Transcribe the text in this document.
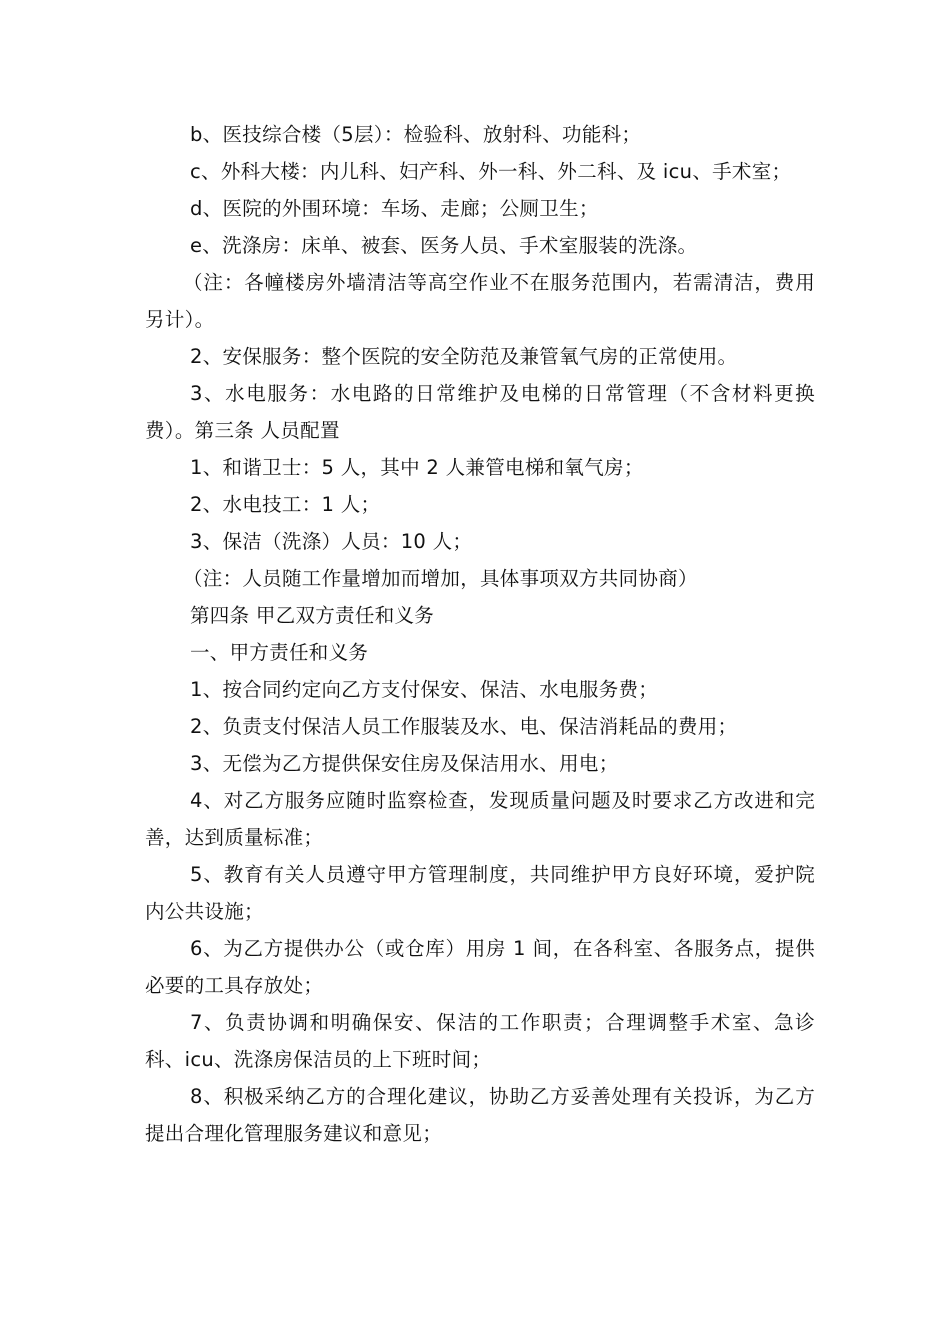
b、医技综合楼（5层）：检验科、放射科、功能科；

c、外科大楼：内儿科、妇产科、外一科、外二科、及 icu、手术室；

d、医院的外围环境：车场、走廊；公厕卫生；

e、洗涤房：床单、被套、医务人员、手术室服装的洗涤。

（注：各幢楼房外墙清洁等高空作业不在服务范围内，若需清洁，费用另计）。

2、安保服务：整个医院的安全防范及兼管氧气房的正常使用。

3、水电服务：水电路的日常维护及电梯的日常管理（不含材料更换费）。第三条 人员配置

1、和谐卫士：5 人，其中 2 人兼管电梯和氧气房；

2、水电技工：1 人；

3、保洁（洗涤）人员：10 人；

（注：人员随工作量增加而增加，具体事项双方共同协商）

第四条 甲乙双方责任和义务

一、甲方责任和义务

1、按合同约定向乙方支付保安、保洁、水电服务费；

2、负责支付保洁人员工作服装及水、电、保洁消耗品的费用；

3、无偿为乙方提供保安住房及保洁用水、用电；

4、对乙方服务应随时监察检查，发现质量问题及时要求乙方改进和完善，达到质量标准；

5、教育有关人员遵守甲方管理制度，共同维护甲方良好环境，爱护院内公共设施；

6、为乙方提供办公（或仓库）用房 1 间，在各科室、各服务点，提供必要的工具存放处；

7、负责协调和明确保安、保洁的工作职责；合理调整手术室、急诊科、icu、洗涤房保洁员的上下班时间；

8、积极采纳乙方的合理化建议，协助乙方妥善处理有关投诉，为乙方提出合理化管理服务建议和意见；
